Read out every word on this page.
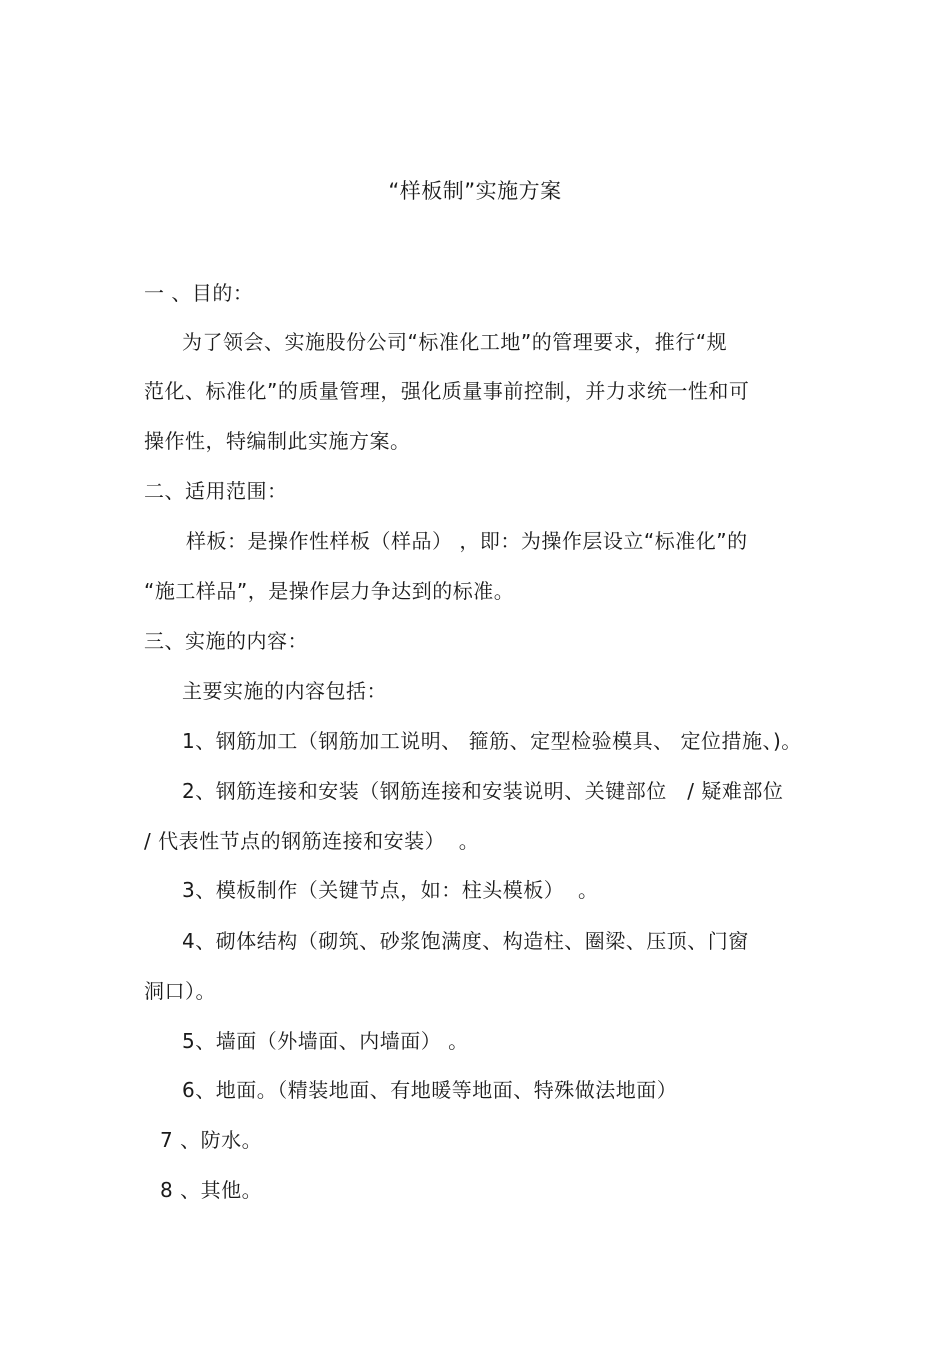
“样板制”实施方案
一 、目的：
为了领会、实施股份公司“标准化工地”的管理要求，推行“规
范化、标准化”的质量管理，强化质量事前控制，并力求统一性和可
操作性，特编制此实施方案。
二、适用范围：
样板：是操作性样板（样品） ，即：为操作层设立“标准化”的
“施工样品”，是操作层力争达到的标准。
三、实施的内容：
主要实施的内容包括：
1、钢筋加工（钢筋加工说明、 箍筋、定型检验模具、 定位措施、)。
2、钢筋连接和安装（钢筋连接和安装说明、关键部位   / 疑难部位
/ 代表性节点的钢筋连接和安装）  。
3、模板制作（关键节点，如：柱头模板）  。
4、砌体结构（砌筑、砂浆饱满度、构造柱、圈梁、压顶、门窗
洞口）。
5、墙面（外墙面、内墙面） 。
6、地面。（精装地面、有地暖等地面、特殊做法地面）
7 、防水。
8 、其他。
